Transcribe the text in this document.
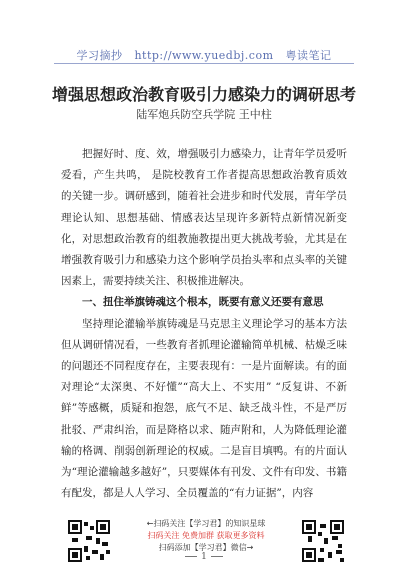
学习摘抄 http://www.yuedbj.com 粤读笔记
增强思想政治教育吸引力感染力的调研思考
陆军炮兵防空兵学院 王中柱

把握好时、度、效，增强吸引力感染力，让青年学员爱听爱看，产生共鸣， 是院校教育工作者提高思想政治教育质效的关键一步。调研感到，随着社会进步和时代发展，青年学员理论认知、思想基础、情感表达呈现许多新特点新情况新变化，对思想政治教育的组教施教提出更大挑战考验，尤其是在增强教育吸引力和感染力这个影响学员抬头率和点头率的关键因素上，需要持续关注、积极推进解决。

一、扭住举旗铸魂这个根本，既要有意义还要有意思

坚持理论灌输举旗铸魂是马克思主义理论学习的基本方法但从调研情况看，一些教育者抓理论灌输简单机械、枯燥乏味的问题还不同程度存在，主要表现有：一是片面解读。有的面对理论“太深奥、不好懂”“高大上、不实用” “反复讲、不新鲜”等感概，质疑和抱怨，底气不足、缺乏战斗性，不是严厉批驳、严肃纠治，而是降格以求、随声附和，人为降低理论灌输的格调、削弱创新理论的权威。二是盲目填鸭。有的片面认为“理论灌输越多越好”，只要媒体有刊发、文件有印发、书籍有配发，都是人人学习、全员覆盖的“有力证据”，内容

←扫码关注【学习君】的知识星球
扫码关注 免费加群 获取更多资料
扫码添加【学习君】微信→
1
